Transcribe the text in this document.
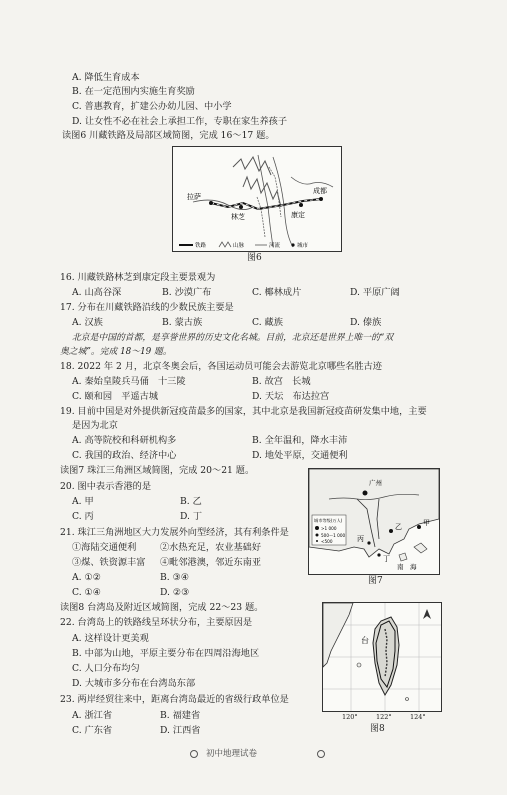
A. 降低生育成本
B. 在一定范围内实施生育奖励
C. 普惠教育，扩建公办幼儿园、中小学
D. 让女性不必在社会上承担工作，专职在家生养孩子
读图6 川藏铁路及局部区域简图，完成 16～17 题。
拉萨
林芝	康定
成都
铁路	山脉	河流	城市
图6
16. 川藏铁路林芝到康定段主要景观为
A. 山高谷深	B. 沙漠广布	C. 椰林成片	D. 平原广阔
17. 分布在川藏铁路沿线的少数民族主要是
A. 汉族	B. 蒙古族	C. 藏族	D. 傣族
北京是中国的首都，是享誉世界的历史文化名城。目前，北京还是世界上唯一的“双
奥之城”。完成 18～19 题。
18. 2022 年 2 月，北京冬奥会后，各国运动员可能会去游览北京哪些名胜古迹
A. 秦始皇陵兵马俑　十三陵	B. 故宫　长城
C. 颐和园　平遥古城	D. 天坛　布达拉宫
19. 目前中国是对外提供新冠疫苗最多的国家，其中北京是我国新冠疫苗研发集中地，主要
是因为北京
A. 高等院校和科研机构多	B. 全年温和，降水丰沛
C. 我国的政治、经济中心	D. 地处平原，交通便利
读图7 珠江三角洲区域简图，完成 20～21 题。
20. 图中表示香港的是
A. 甲	B. 乙
C. 丙	D. 丁
21. 珠江三角洲地区大力发展外向型经济，其有利条件是
①海陆交通便利	②水热充足，农业基础好
③煤、铁资源丰富 ④毗邻港澳，邻近东南亚
A. ①②	B. ③④
C. ①④	D. ②③
广州
甲
乙
丙
丁
南　海
城市等级(万人)
>1 000
500～1 000
<500
图7
读图8 台湾岛及附近区域简图，完成 22～23 题。
22. 台湾岛上的铁路线呈环状分布，主要原因是
A. 这样设计更美观
B. 中部为山地，平原主要分布在四周沿海地区
C. 人口分布均匀
D. 大城市多分布在台湾岛东部
23. 两岸经贸往来中，距离台湾岛最近的省级行政单位是
A. 浙江省	B. 福建省
C. 广东省	D. 江西省
台
120°	122°	124°
图8
初中地理试卷
